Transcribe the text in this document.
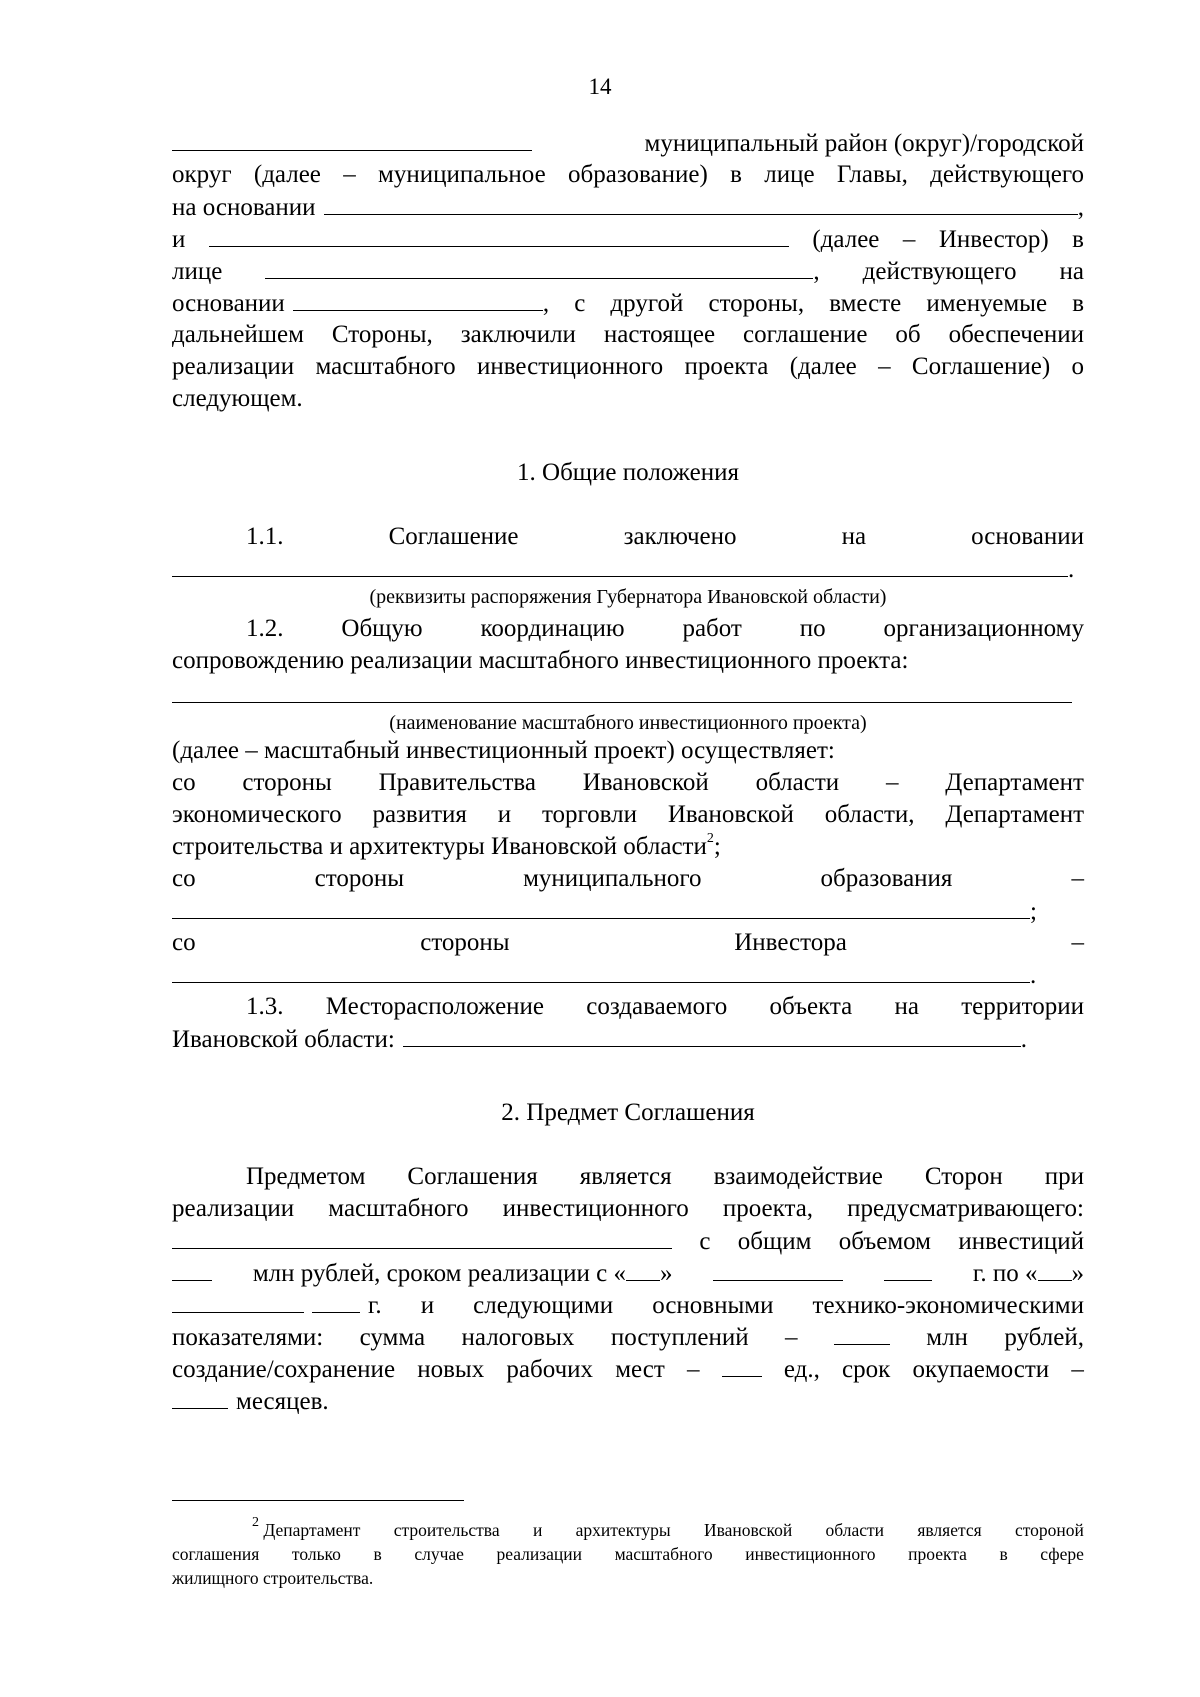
14
муниципальный район (округ)/городской
округ (далее – муниципальное образование) в лице Главы, действующего
на основании	,
и	(далее – Инвестор) в
лице	, действующего на
основании	, с другой стороны, вместе именуемые в
дальнейшем Стороны, заключили настоящее соглашение об обеспечении
реализации масштабного инвестиционного проекта (далее – Соглашение) о
следующем.
1. Общие положения
1.1.	Соглашение	заключено	на	основании
.
(реквизиты распоряжения Губернатора Ивановской области)
1.2. Общую координацию работ по организационному
сопровождению реализации масштабного инвестиционного проекта:
(наименование масштабного инвестиционного проекта)
(далее – масштабный инвестиционный проект) осуществляет:
со стороны Правительства Ивановской области – Департамент
экономического развития и торговли Ивановской области, Департамент
строительства и архитектуры Ивановской области$^2$;
со	стороны	муниципального	образования	–
;
со	стороны	Инвестора	–
.
1.3. Месторасположение создаваемого объекта на территории
Ивановской области:	.
2. Предмет Соглашения
Предметом Соглашения является взаимодействие Сторон при
реализации масштабного инвестиционного проекта, предусматривающего:
с общим объемом инвестиций
млн рублей, сроком реализации с « »	г. по « »
г. и следующими основными технико-экономическими
показателями: сумма налоговых поступлений –	млн рублей,
создание/сохранение новых рабочих мест –	ед., срок окупаемости –
месяцев.
$^2$ Департамент строительства и архитектуры Ивановской области является стороной
соглашения только в случае реализации масштабного инвестиционного проекта в сфере
жилищного строительства.
